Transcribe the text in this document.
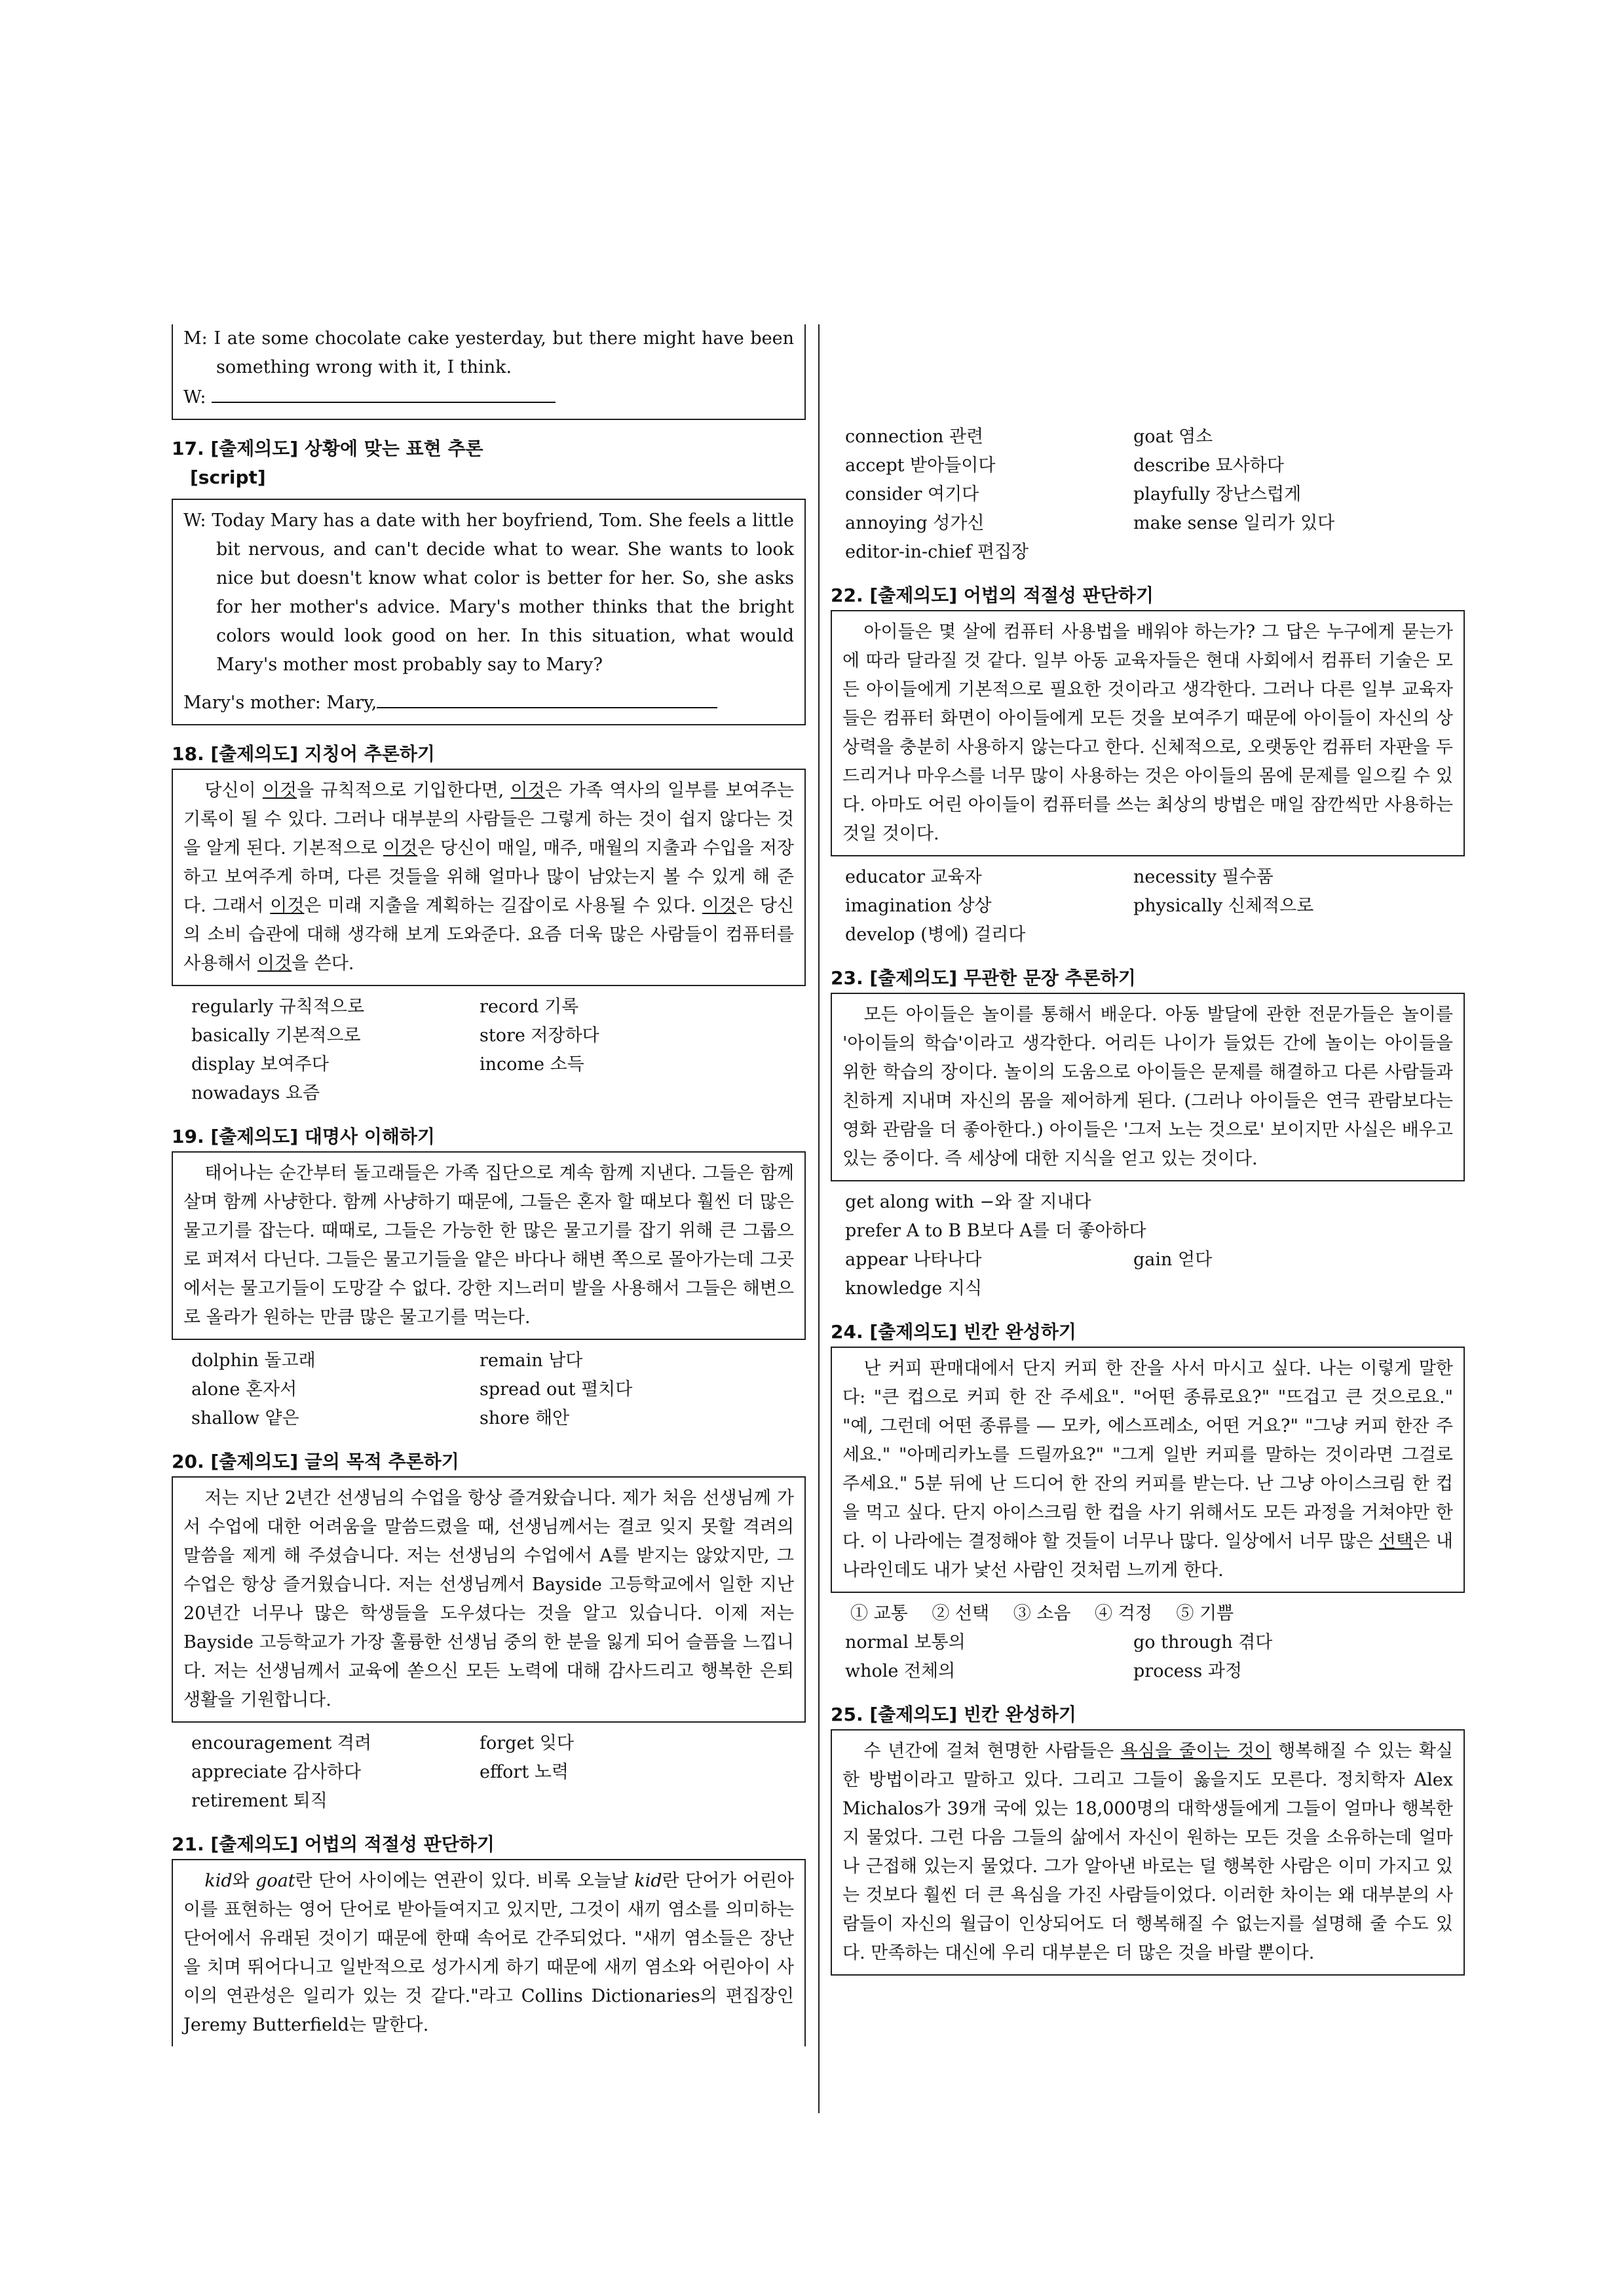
M: I ate some chocolate cake yesterday, but there might have been something wrong with it, I think.

W:

17. [출제의도] 상황에 맞는 표현 추론
[script]

W: Today Mary has a date with her boyfriend, Tom. She feels a little bit nervous, and can't decide what to wear. She wants to look nice but doesn't know what color is better for her. So, she asks for her mother's advice. Mary's mother thinks that the bright colors would look good on her. In this situation, what would Mary's mother most probably say to Mary?

Mary's mother: Mary,

18. [출제의도] 지칭어 추론하기

당신이 이것을 규칙적으로 기입한다면, 이것은 가족 역사의 일부를 보여주는 기록이 될 수 있다. 그러나 대부분의 사람들은 그렇게 하는 것이 쉽지 않다는 것을 알게 된다. 기본적으로 이것은 당신이 매일, 매주, 매월의 지출과 수입을 저장하고 보여주게 하며, 다른 것들을 위해 얼마나 많이 남았는지 볼 수 있게 해 준다. 그래서 이것은 미래 지출을 계획하는 길잡이로 사용될 수 있다. 이것은 당신의 소비 습관에 대해 생각해 보게 도와준다. 요즘 더욱 많은 사람들이 컴퓨터를 사용해서 이것을 쓴다.

regularly 규칙적으로	record 기록
basically 기본적으로	store 저장하다
display 보여주다	income 소득
nowadays 요즘
19. [출제의도] 대명사 이해하기

태어나는 순간부터 돌고래들은 가족 집단으로 계속 함께 지낸다. 그들은 함께 살며 함께 사냥한다. 함께 사냥하기 때문에, 그들은 혼자 할 때보다 훨씬 더 많은 물고기를 잡는다. 때때로, 그들은 가능한 한 많은 물고기를 잡기 위해 큰 그룹으로 퍼져서 다닌다. 그들은 물고기들을 얕은 바다나 해변 쪽으로 몰아가는데 그곳에서는 물고기들이 도망갈 수 없다. 강한 지느러미 발을 사용해서 그들은 해변으로 올라가 원하는 만큼 많은 물고기를 먹는다.

dolphin 돌고래	remain 남다
alone 혼자서	spread out 펼치다
shallow 얕은	shore 해안
20. [출제의도] 글의 목적 추론하기

저는 지난 2년간 선생님의 수업을 항상 즐겨왔습니다. 제가 처음 선생님께 가서 수업에 대한 어려움을 말씀드렸을 때, 선생님께서는 결코 잊지 못할 격려의 말씀을 제게 해 주셨습니다. 저는 선생님의 수업에서 A를 받지는 않았지만, 그 수업은 항상 즐거웠습니다. 저는 선생님께서 Bayside 고등학교에서 일한 지난 20년간 너무나 많은 학생들을 도우셨다는 것을 알고 있습니다. 이제 저는 Bayside 고등학교가 가장 훌륭한 선생님 중의 한 분을 잃게 되어 슬픔을 느낍니다. 저는 선생님께서 교육에 쏟으신 모든 노력에 대해 감사드리고 행복한 은퇴 생활을 기원합니다.

encouragement 격려	forget 잊다
appreciate 감사하다	effort 노력
retirement 퇴직
21. [출제의도] 어법의 적절성 판단하기

kid와 goat란 단어 사이에는 연관이 있다. 비록 오늘날 kid란 단어가 어린아이를 표현하는 영어 단어로 받아들여지고 있지만, 그것이 새끼 염소를 의미하는 단어에서 유래된 것이기 때문에 한때 속어로 간주되었다. "새끼 염소들은 장난을 치며 뛰어다니고 일반적으로 성가시게 하기 때문에 새끼 염소와 어린아이 사이의 연관성은 일리가 있는 것 같다."라고 Collins Dictionaries의 편집장인 Jeremy Butterfield는 말한다.

connection 관련	goat 염소
accept 받아들이다	describe 묘사하다
consider 여기다	playfully 장난스럽게
annoying 성가신	make sense 일리가 있다
editor-in-chief 편집장
22. [출제의도] 어법의 적절성 판단하기

아이들은 몇 살에 컴퓨터 사용법을 배워야 하는가? 그 답은 누구에게 묻는가에 따라 달라질 것 같다. 일부 아동 교육자들은 현대 사회에서 컴퓨터 기술은 모든 아이들에게 기본적으로 필요한 것이라고 생각한다. 그러나 다른 일부 교육자들은 컴퓨터 화면이 아이들에게 모든 것을 보여주기 때문에 아이들이 자신의 상상력을 충분히 사용하지 않는다고 한다. 신체적으로, 오랫동안 컴퓨터 자판을 두드리거나 마우스를 너무 많이 사용하는 것은 아이들의 몸에 문제를 일으킬 수 있다. 아마도 어린 아이들이 컴퓨터를 쓰는 최상의 방법은 매일 잠깐씩만 사용하는 것일 것이다.

educator 교육자	necessity 필수품
imagination 상상	physically 신체적으로
develop (병에) 걸리다
23. [출제의도] 무관한 문장 추론하기

모든 아이들은 놀이를 통해서 배운다. 아동 발달에 관한 전문가들은 놀이를 '아이들의 학습'이라고 생각한다. 어리든 나이가 들었든 간에 놀이는 아이들을 위한 학습의 장이다. 놀이의 도움으로 아이들은 문제를 해결하고 다른 사람들과 친하게 지내며 자신의 몸을 제어하게 된다. (그러나 아이들은 연극 관람보다는 영화 관람을 더 좋아한다.) 아이들은 '그저 노는 것으로' 보이지만 사실은 배우고 있는 중이다. 즉 세상에 대한 지식을 얻고 있는 것이다.

get along with −와 잘 지내다
prefer A to B B보다 A를 더 좋아하다
appear 나타나다	gain 얻다
knowledge 지식
24. [출제의도] 빈칸 완성하기

난 커피 판매대에서 단지 커피 한 잔을 사서 마시고 싶다. 나는 이렇게 말한다: "큰 컵으로 커피 한 잔 주세요". "어떤 종류로요?" "뜨겁고 큰 것으로요." "예, 그런데 어떤 종류를 ― 모카, 에스프레소, 어떤 거요?" "그냥 커피 한잔 주세요." "아메리카노를 드릴까요?" "그게 일반 커피를 말하는 것이라면 그걸로 주세요." 5분 뒤에 난 드디어 한 잔의 커피를 받는다. 난 그냥 아이스크림 한 컵을 먹고 싶다. 단지 아이스크림 한 컵을 사기 위해서도 모든 과정을 거쳐야만 한다. 이 나라에는 결정해야 할 것들이 너무나 많다. 일상에서 너무 많은 선택은 내 나라인데도 내가 낯선 사람인 것처럼 느끼게 한다.

① 교통 ② 선택 ③ 소음 ④ 걱정 ⑤ 기쁨
normal 보통의	go through 겪다
whole 전체의	process 과정
25. [출제의도] 빈칸 완성하기

수 년간에 걸쳐 현명한 사람들은 욕심을 줄이는 것이 행복해질 수 있는 확실한 방법이라고 말하고 있다. 그리고 그들이 옳을지도 모른다. 정치학자 Alex Michalos가 39개 국에 있는 18,000명의 대학생들에게 그들이 얼마나 행복한지 물었다. 그런 다음 그들의 삶에서 자신이 원하는 모든 것을 소유하는데 얼마나 근접해 있는지 물었다. 그가 알아낸 바로는 덜 행복한 사람은 이미 가지고 있는 것보다 훨씬 더 큰 욕심을 가진 사람들이었다. 이러한 차이는 왜 대부분의 사람들이 자신의 월급이 인상되어도 더 행복해질 수 없는지를 설명해 줄 수도 있다. 만족하는 대신에 우리 대부분은 더 많은 것을 바랄 뿐이다.
